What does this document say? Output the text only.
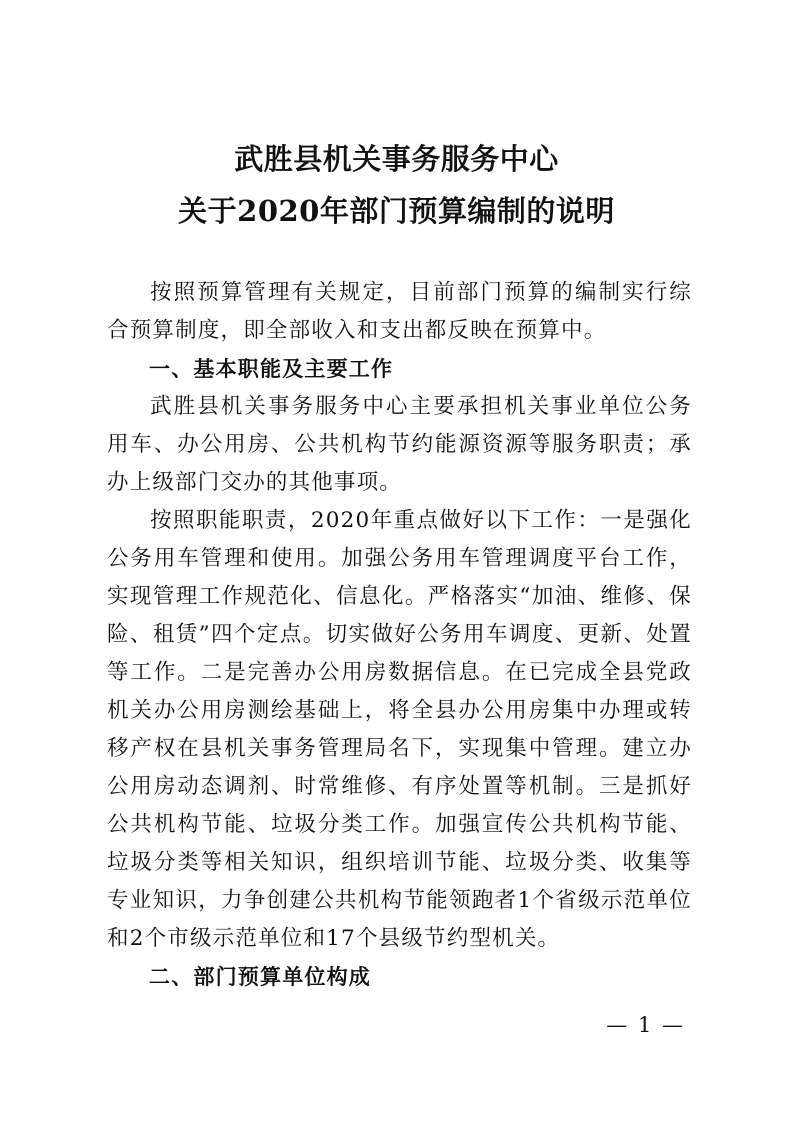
武胜县机关事务服务中心
关于2020年部门预算编制的说明

按照预算管理有关规定，目前部门预算的编制实行综合预算制度，即全部收入和支出都反映在预算中。

一、基本职能及主要工作

武胜县机关事务服务中心主要承担机关事业单位公务用车、办公用房、公共机构节约能源资源等服务职责；承办上级部门交办的其他事项。

按照职能职责，2020年重点做好以下工作：一是强化公务用车管理和使用。加强公务用车管理调度平台工作，实现管理工作规范化、信息化。严格落实“加油、维修、保险、租赁”四个定点。切实做好公务用车调度、更新、处置等工作。二是完善办公用房数据信息。在已完成全县党政机关办公用房测绘基础上，将全县办公用房集中办理或转移产权在县机关事务管理局名下，实现集中管理。建立办公用房动态调剂、时常维修、有序处置等机制。三是抓好公共机构节能、垃圾分类工作。加强宣传公共机构节能、垃圾分类等相关知识，组织培训节能、垃圾分类、收集等专业知识，力争创建公共机构节能领跑者1个省级示范单位和2个市级示范单位和17个县级节约型机关。

二、部门预算单位构成

— 1 —
